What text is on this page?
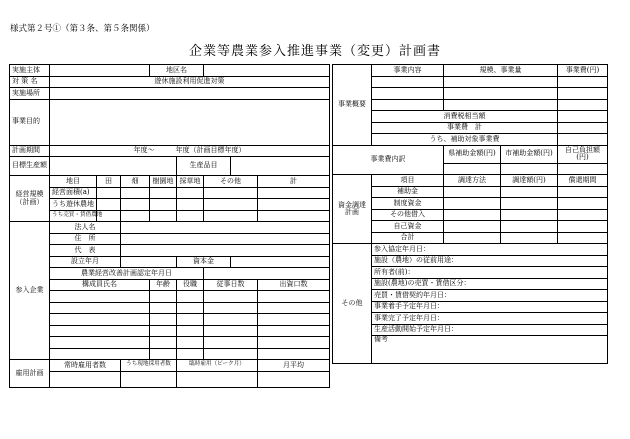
様式第２号①（第３条、第５条関係）
企業等農業参入推進事業（変更）計画書
実施主体				地区名				
対 策 名	遊休施設利用促進対策							
実施場所								
事業目的								
計画期間	年度～　　　年度（計画目標年度）							
目標生産額					生産品目			
経営規模（計画）	地目	田	畑	樹園地	採草地	その他		計
	経営面積(a)							
	うち遊休農地							
	うち売買・賃借農地							
参入企業	法人名							
	住　所							
	代　表							
	設立年月				資本金			
	農業経営改善計画認定年月日							
	構成員氏名			年齢	役職	従事日数		出資口数

雇用計画	常時雇用者数		うち現地採用者数		臨時雇用（ピーク月）			月平均

事業概要	事業内容	規模、事業量		事業費(円)

	消費税相当額			
	事業費　計			
	うち、補助対象事業費			
事業費内訳		県補助金額(円)	市補助金額(円)	自己負担額(円)

資金調達計画	項目	調達方法	調達額(円)	償還期間
	補助金			
	制度資金			
	その他借入			
	自己資金			
	合計			
その他	参入協定年月日：			
	施設（農地）の従前用途：			
	所有者(前)：			
	施設(農地)の売買・賃借区分：			
	売買・賃借契約年月日：			
	事業着手予定年月日：			
	事業完了予定年月日：			
	生産活動開始予定年月日：			
	備考			
